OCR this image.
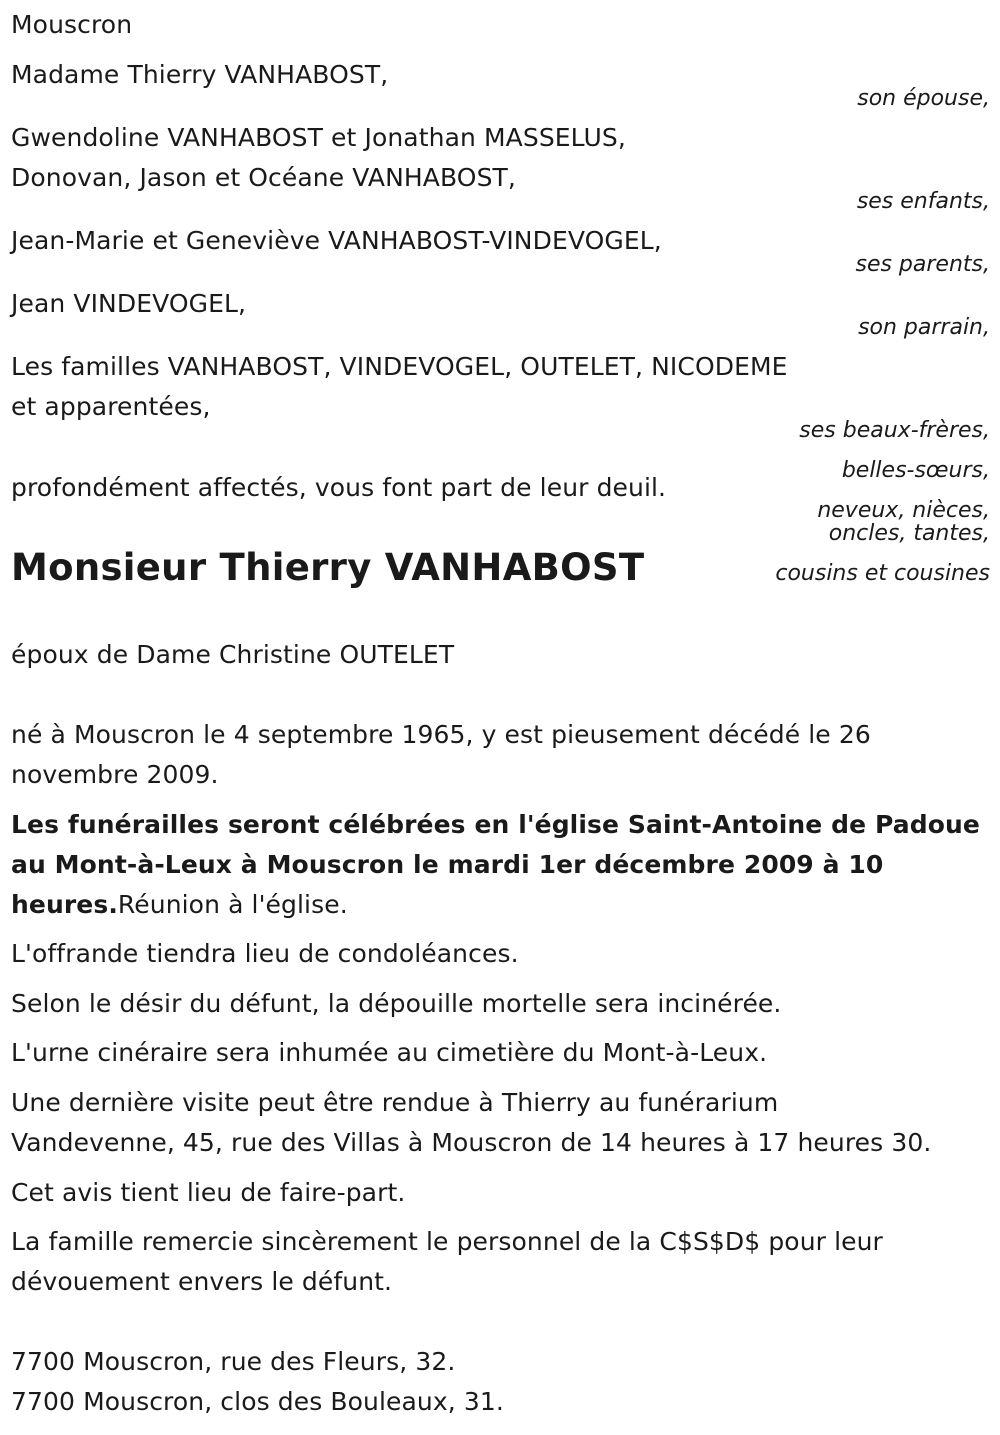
Mouscron
Madame Thierry VANHABOST,
son épouse,
Gwendoline VANHABOST et Jonathan MASSELUS,
Donovan, Jason et Océane VANHABOST,
ses enfants,
Jean-Marie et Geneviève VANHABOST-VINDEVOGEL,
ses parents,
Jean VINDEVOGEL,
son parrain,
Les familles VANHABOST, VINDEVOGEL, OUTELET, NICODEME
et apparentées,
ses beaux-frères,
belles-sœurs,
neveux, nièces,
oncles, tantes,
cousins et cousines
profondément affectés, vous font part de leur deuil.
Monsieur Thierry VANHABOST
époux de Dame Christine OUTELET
né à Mouscron le 4 septembre 1965, y est pieusement décédé le 26
novembre 2009.
Les funérailles seront célébrées en l'église Saint-Antoine de Padoue
au Mont-à-Leux à Mouscron le mardi 1er décembre 2009 à 10
heures.Réunion à l'église.
L'offrande tiendra lieu de condoléances.
Selon le désir du défunt, la dépouille mortelle sera incinérée.
L'urne cinéraire sera inhumée au cimetière du Mont-à-Leux.
Une dernière visite peut être rendue à Thierry au funérarium
Vandevenne, 45, rue des Villas à Mouscron de 14 heures à 17 heures 30.
Cet avis tient lieu de faire-part.
La famille remercie sincèrement le personnel de la C$S$D$ pour leur
dévouement envers le défunt.
7700 Mouscron, rue des Fleurs, 32.
7700 Mouscron, clos des Bouleaux, 31.
